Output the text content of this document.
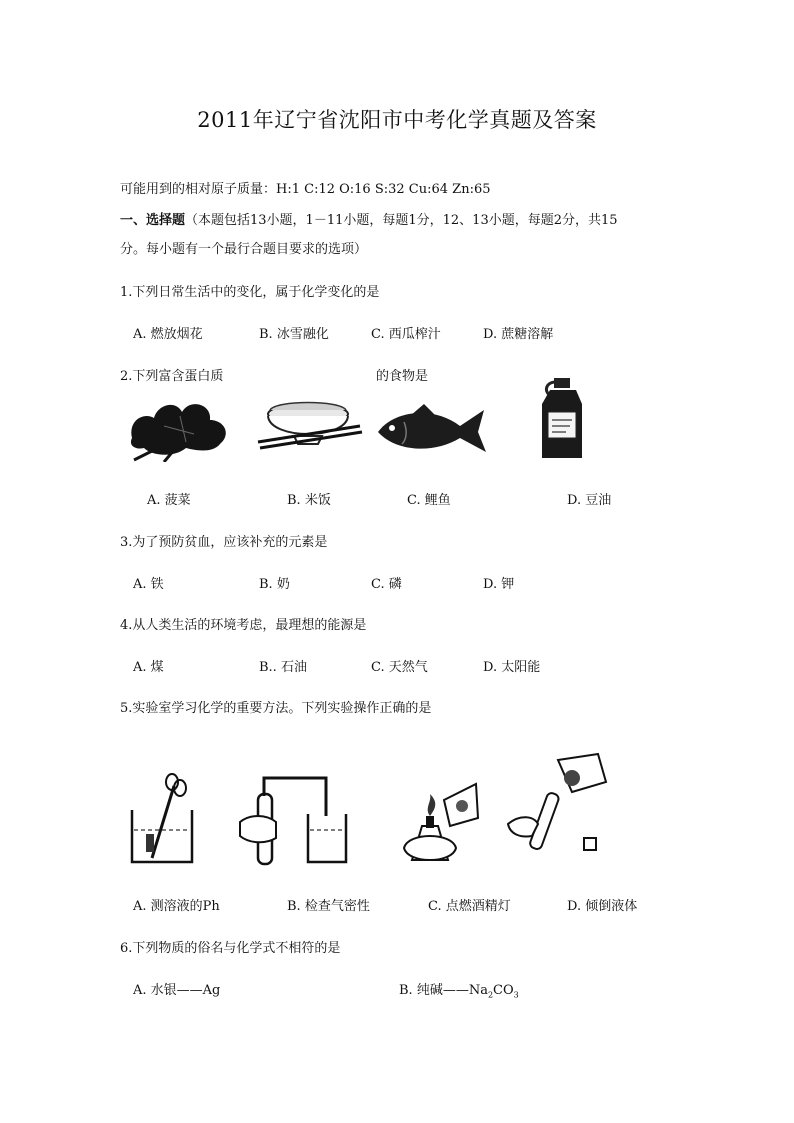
2011年辽宁省沈阳市中考化学真题及答案
可能用到的相对原子质量：H:1 C:12 O:16 S:32 Cu:64 Zn:65
一、选择题（本题包括13小题，1－11小题，每题1分，12、13小题，每题2分，共15
分。每小题有一个最行合题目要求的选项）
1.下列日常生活中的变化，属于化学变化的是
A. 燃放烟花	B. 冰雪融化	C. 西瓜榨汁	D. 蔗糖溶解
2.下列富含蛋白质	的食物是
A. 菠菜	B. 米饭	C. 鲤鱼	D. 豆油
3.为了预防贫血，应该补充的元素是
A. 铁	B. 奶	C. 磷	D. 钾
4.从人类生活的环境考虑，最理想的能源是
A. 煤	B.. 石油	C. 天然气	D. 太阳能
5.实验室学习化学的重要方法。下列实验操作正确的是
A. 测溶液的Ph	B. 检查气密性	C. 点燃酒精灯	D. 倾倒液体
6.下列物质的俗名与化学式不相符的是
A. 水银——Ag	B. 纯碱$——Na_2CO_3$
